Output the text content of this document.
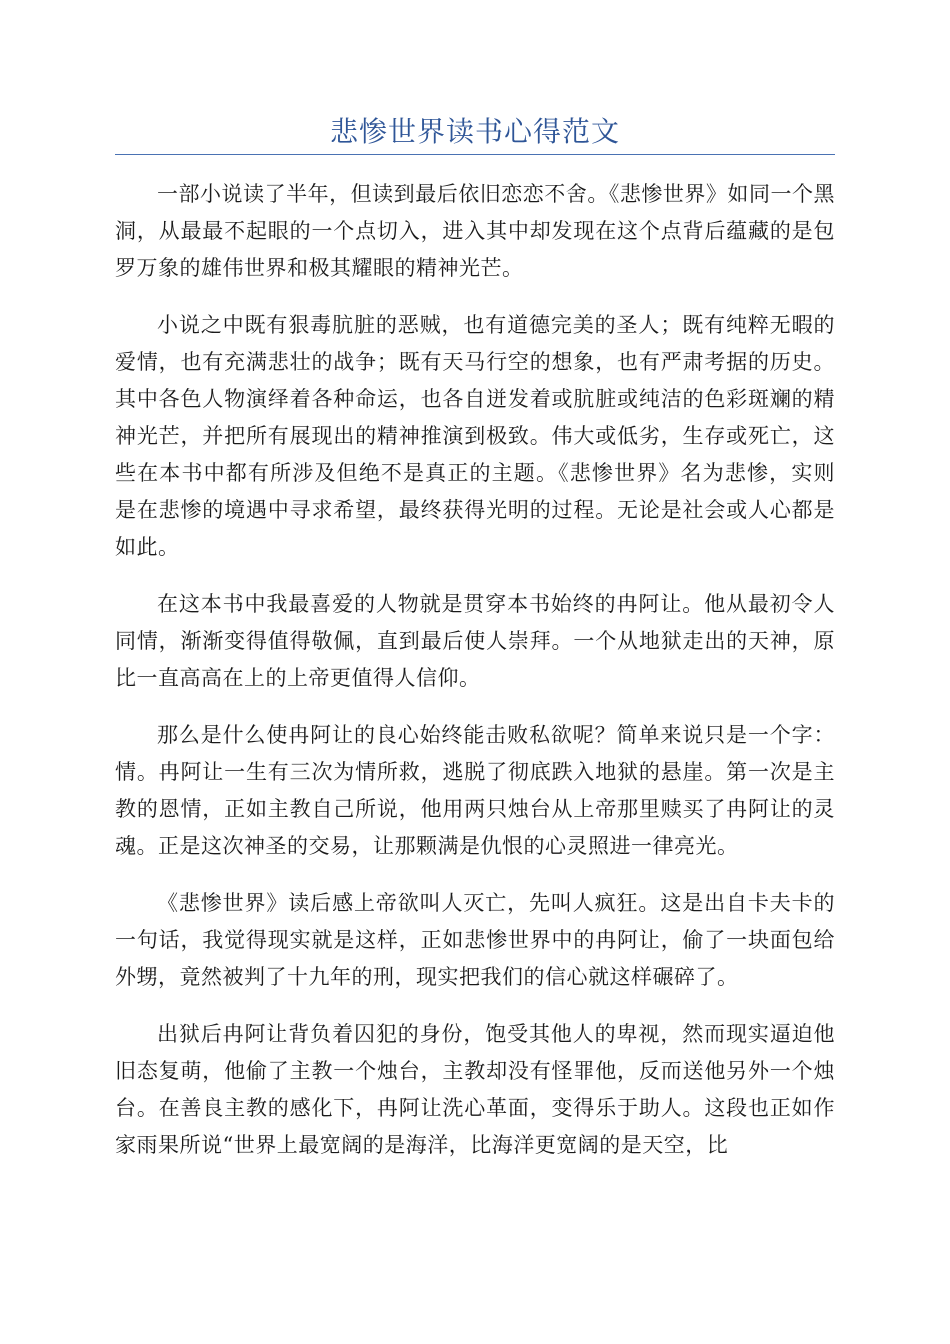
悲惨世界读书心得范文

一部小说读了半年，但读到最后依旧恋恋不舍。《悲惨世界》如同一个黑洞，从最最不起眼的一个点切入，进入其中却发现在这个点背后蕴藏的是包罗万象的雄伟世界和极其耀眼的精神光芒。

小说之中既有狠毒肮脏的恶贼，也有道德完美的圣人；既有纯粹无暇的爱情，也有充满悲壮的战争；既有天马行空的想象，也有严肃考据的历史。其中各色人物演绎着各种命运，也各自迸发着或肮脏或纯洁的色彩斑斓的精神光芒，并把所有展现出的精神推演到极致。伟大或低劣，生存或死亡，这些在本书中都有所涉及但绝不是真正的主题。《悲惨世界》名为悲惨，实则是在悲惨的境遇中寻求希望，最终获得光明的过程。无论是社会或人心都是如此。

在这本书中我最喜爱的人物就是贯穿本书始终的冉阿让。他从最初令人同情，渐渐变得值得敬佩，直到最后使人崇拜。一个从地狱走出的天神，原比一直高高在上的上帝更值得人信仰。

那么是什么使冉阿让的良心始终能击败私欲呢？简单来说只是一个字：情。冉阿让一生有三次为情所救，逃脱了彻底跌入地狱的悬崖。第一次是主教的恩情，正如主教自己所说，他用两只烛台从上帝那里赎买了冉阿让的灵魂。正是这次神圣的交易，让那颗满是仇恨的心灵照进一律亮光。

《悲惨世界》读后感上帝欲叫人灭亡，先叫人疯狂。这是出自卡夫卡的一句话，我觉得现实就是这样，正如悲惨世界中的冉阿让，偷了一块面包给外甥，竟然被判了十九年的刑，现实把我们的信心就这样碾碎了。

出狱后冉阿让背负着囚犯的身份，饱受其他人的卑视，然而现实逼迫他旧态复萌，他偷了主教一个烛台，主教却没有怪罪他，反而送他另外一个烛台。在善良主教的感化下，冉阿让洗心革面，变得乐于助人。这段也正如作家雨果所说“世界上最宽阔的是海洋，比海洋更宽阔的是天空，比
